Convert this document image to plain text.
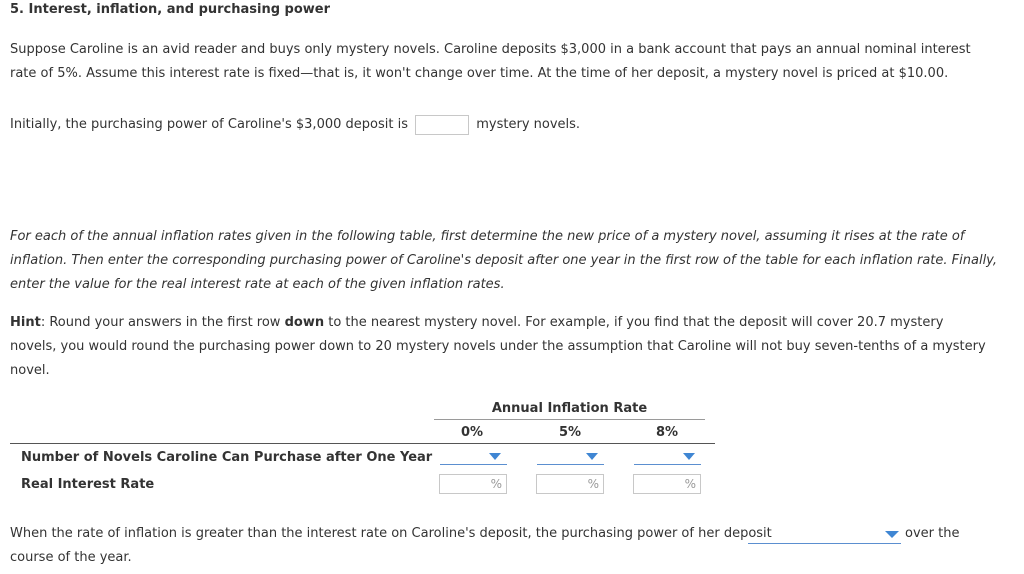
5. Interest, inflation, and purchasing power
Suppose Caroline is an avid reader and buys only mystery novels. Caroline deposits $3,000 in a bank account that pays an annual nominal interest
rate of 5%. Assume this interest rate is fixed—that is, it won't change over time. At the time of her deposit, a mystery novel is priced at $10.00.
Initially, the purchasing power of Caroline's $3,000 deposit is	mystery novels.
For each of the annual inflation rates given in the following table, first determine the new price of a mystery novel, assuming it rises at the rate of
inflation. Then enter the corresponding purchasing power of Caroline's deposit after one year in the first row of the table for each inflation rate. Finally,
enter the value for the real interest rate at each of the given inflation rates.
Hint: Round your answers in the first row down to the nearest mystery novel. For example, if you find that the deposit will cover 20.7 mystery
novels, you would round the purchasing power down to 20 mystery novels under the assumption that Caroline will not buy seven-tenths of a mystery
novel.
Annual Inflation Rate
0%	5%	8%
Number of Novels Caroline Can Purchase after One Year
Real Interest Rate	%	%	%
When the rate of inflation is greater than the interest rate on Caroline's deposit, the purchasing power of her deposit	over the
course of the year.
